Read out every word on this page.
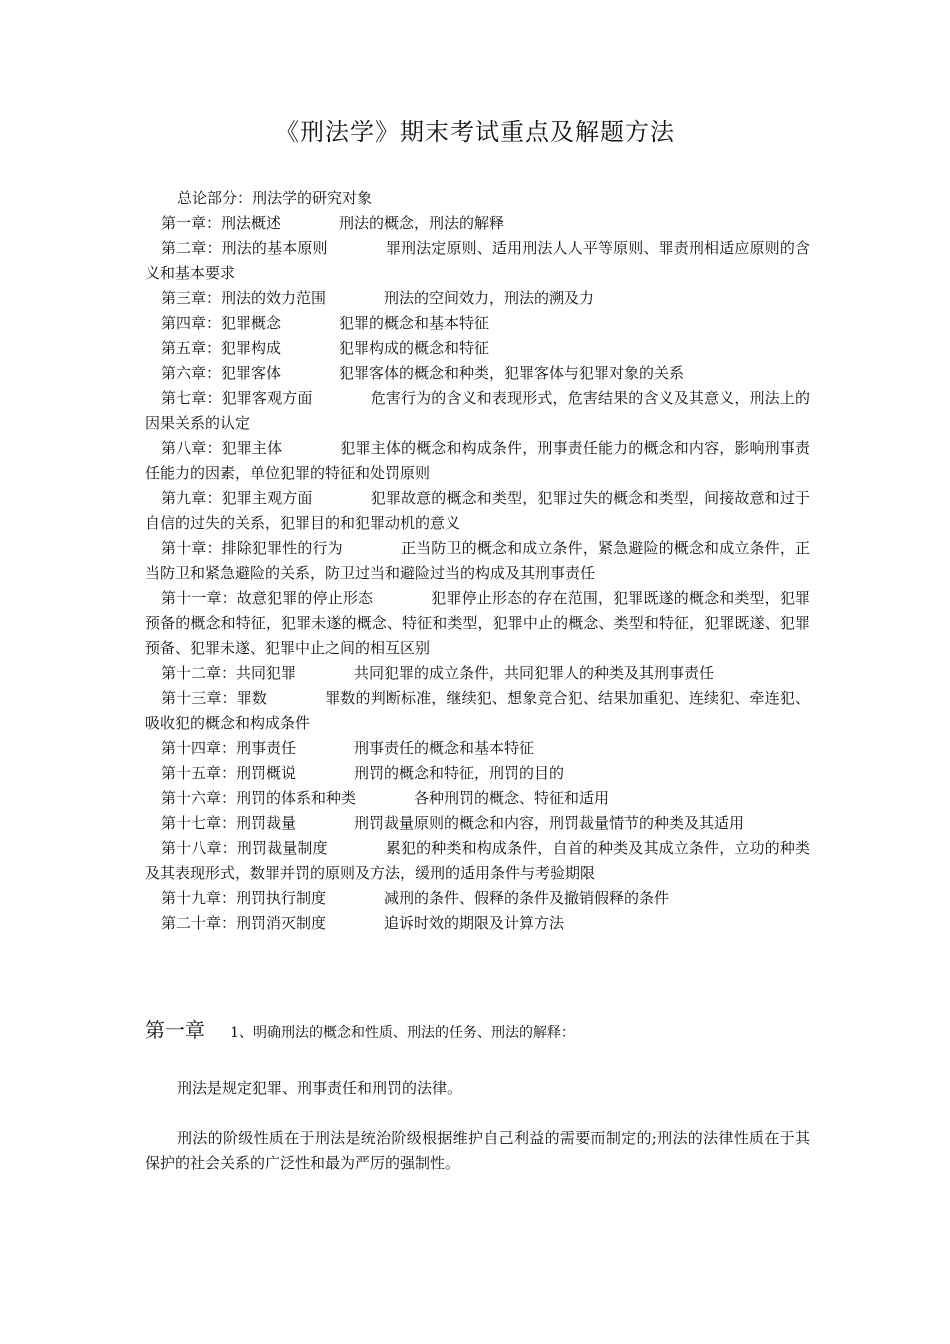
《刑法学》期末考试重点及解题方法

总论部分：刑法学的研究对象

第一章：刑法概述	刑法的概念，刑法的解释

第二章：刑法的基本原则	罪刑法定原则、适用刑法人人平等原则、罪责刑相适应原则的含义和基本要求

第三章：刑法的效力范围	刑法的空间效力，刑法的溯及力

第四章：犯罪概念	犯罪的概念和基本特征

第五章：犯罪构成	犯罪构成的概念和特征

第六章：犯罪客体	犯罪客体的概念和种类，犯罪客体与犯罪对象的关系

第七章：犯罪客观方面	危害行为的含义和表现形式，危害结果的含义及其意义，刑法上的因果关系的认定

第八章：犯罪主体	犯罪主体的概念和构成条件，刑事责任能力的概念和内容，影响刑事责任能力的因素，单位犯罪的特征和处罚原则

第九章：犯罪主观方面	犯罪故意的概念和类型，犯罪过失的概念和类型，间接故意和过于自信的过失的关系，犯罪目的和犯罪动机的意义

第十章：排除犯罪性的行为	正当防卫的概念和成立条件，紧急避险的概念和成立条件，正当防卫和紧急避险的关系，防卫过当和避险过当的构成及其刑事责任

第十一章：故意犯罪的停止形态	犯罪停止形态的存在范围，犯罪既遂的概念和类型，犯罪预备的概念和特征，犯罪未遂的概念、特征和类型，犯罪中止的概念、类型和特征，犯罪既遂、犯罪预备、犯罪未遂、犯罪中止之间的相互区别

第十二章：共同犯罪	共同犯罪的成立条件，共同犯罪人的种类及其刑事责任

第十三章：罪数	罪数的判断标准，继续犯、想象竞合犯、结果加重犯、连续犯、牵连犯、吸收犯的概念和构成条件

第十四章：刑事责任	刑事责任的概念和基本特征

第十五章：刑罚概说	刑罚的概念和特征，刑罚的目的

第十六章：刑罚的体系和种类	各种刑罚的概念、特征和适用

第十七章：刑罚裁量	刑罚裁量原则的概念和内容，刑罚裁量情节的种类及其适用

第十八章：刑罚裁量制度	累犯的种类和构成条件，自首的种类及其成立条件，立功的种类及其表现形式，数罪并罚的原则及方法，缓刑的适用条件与考验期限

第十九章：刑罚执行制度	减刑的条件、假释的条件及撤销假释的条件

第二十章：刑罚消灭制度	追诉时效的期限及计算方法

第一章 1、明确刑法的概念和性质、刑法的任务、刑法的解释：

刑法是规定犯罪、刑事责任和刑罚的法律。

刑法的阶级性质在于刑法是统治阶级根据维护自己利益的需要而制定的;刑法的法律性质在于其保护的社会关系的广泛性和最为严厉的强制性。
